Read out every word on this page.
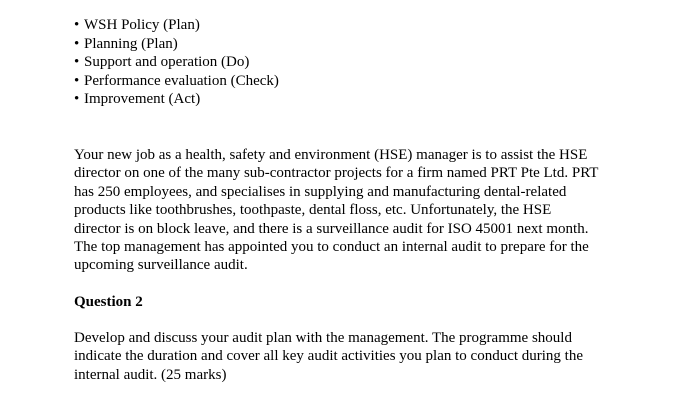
• WSH Policy (Plan)
• Planning (Plan)
• Support and operation (Do)
• Performance evaluation (Check)
• Improvement (Act)

Your new job as a health, safety and environment (HSE) manager is to assist the HSE
director on one of the many sub-contractor projects for a firm named PRT Pte Ltd. PRT
has 250 employees, and specialises in supplying and manufacturing dental-related
products like toothbrushes, toothpaste, dental floss, etc. Unfortunately, the HSE
director is on block leave, and there is a surveillance audit for ISO 45001 next month.
The top management has appointed you to conduct an internal audit to prepare for the
upcoming surveillance audit.

Question 2

Develop and discuss your audit plan with the management. The programme should
indicate the duration and cover all key audit activities you plan to conduct during the
internal audit. (25 marks)
